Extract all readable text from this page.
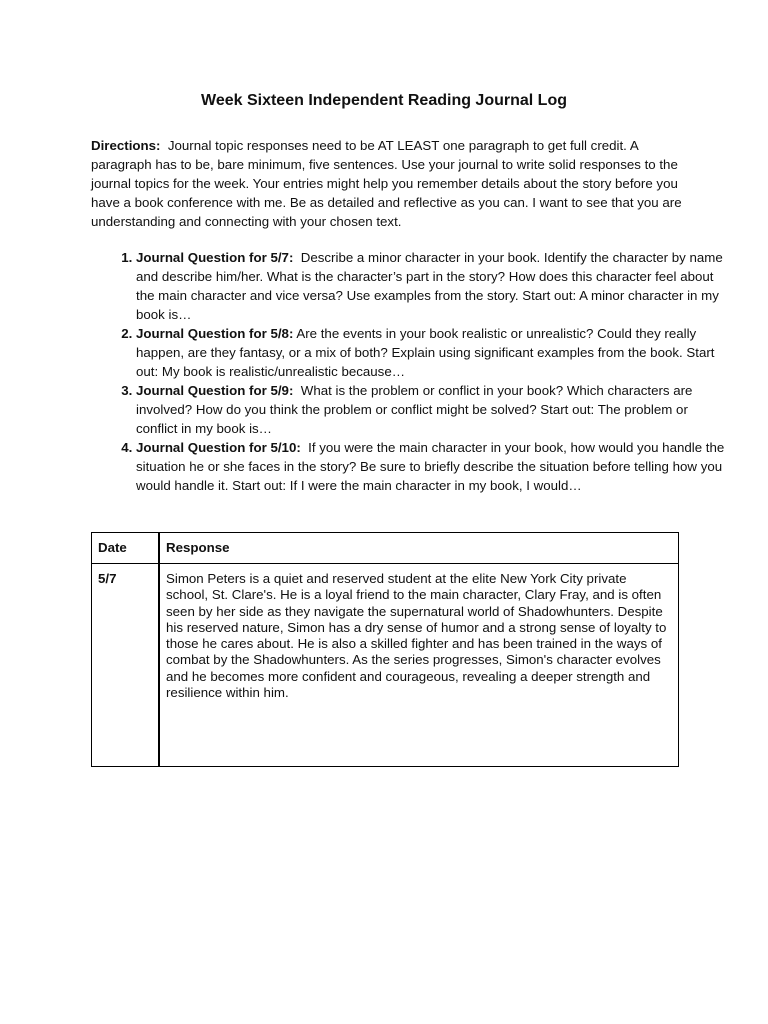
Week Sixteen Independent Reading Journal Log

Directions: Journal topic responses need to be AT LEAST one paragraph to get full credit. A paragraph has to be, bare minimum, five sentences. Use your journal to write solid responses to the journal topics for the week. Your entries might help you remember details about the story before you have a book conference with me. Be as detailed and reflective as you can. I want to see that you are understanding and connecting with your chosen text.

1. Journal Question for 5/7: Describe a minor character in your book. Identify the character by name and describe him/her. What is the character’s part in the story? How does this character feel about the main character and vice versa? Use examples from the story. Start out: A minor character in my book is…
2. Journal Question for 5/8: Are the events in your book realistic or unrealistic? Could they really happen, are they fantasy, or a mix of both? Explain using significant examples from the book. Start out: My book is realistic/unrealistic because…
3. Journal Question for 5/9: What is the problem or conflict in your book? Which characters are involved? How do you think the problem or conflict might be solved? Start out: The problem or conflict in my book is…
4. Journal Question for 5/10: If you were the main character in your book, how would you handle the situation he or she faces in the story? Be sure to briefly describe the situation before telling how you would handle it. Start out: If I were the main character in my book, I would…
Date	Response
5/7	Simon Peters is a quiet and reserved student at the elite New York City private school, St. Clare's. He is a loyal friend to the main character, Clary Fray, and is often seen by her side as they navigate the supernatural world of Shadowhunters. Despite his reserved nature, Simon has a dry sense of humor and a strong sense of loyalty to those he cares about. He is also a skilled fighter and has been trained in the ways of combat by the Shadowhunters. As the series progresses, Simon's character evolves and he becomes more confident and courageous, revealing a deeper strength and resilience within him.
